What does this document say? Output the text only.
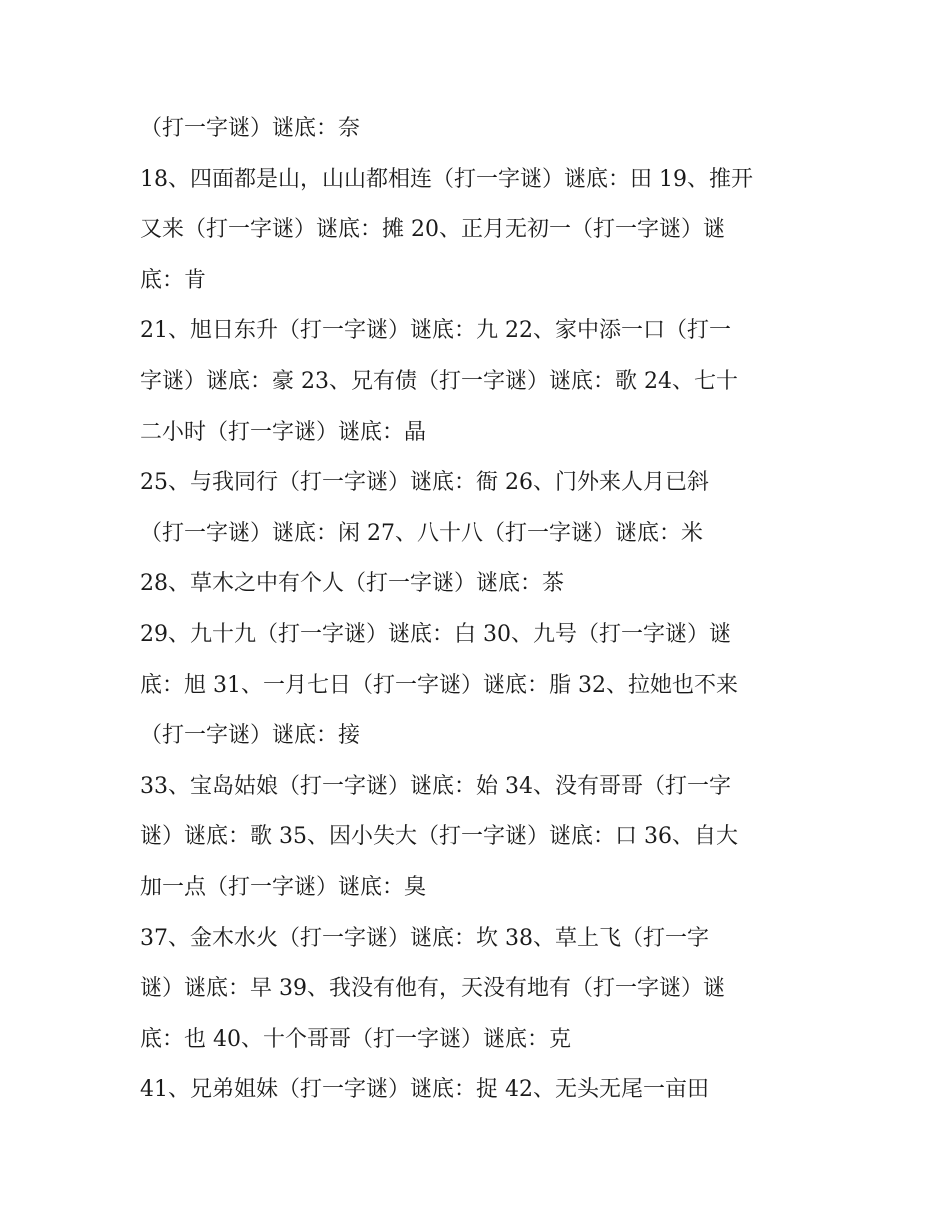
（打一字谜）谜底：奈
18、四面都是山，山山都相连（打一字谜）谜底：田 19、推开
又来（打一字谜）谜底：摊 20、正月无初一（打一字谜）谜
底：肯
21、旭日东升（打一字谜）谜底：九 22、家中添一口（打一
字谜）谜底：豪 23、兄有债（打一字谜）谜底：歌 24、七十
二小时（打一字谜）谜底：晶
25、与我同行（打一字谜）谜底：衙 26、门外来人月已斜
（打一字谜）谜底：闲 27、八十八（打一字谜）谜底：米
28、草木之中有个人（打一字谜）谜底：茶
29、九十九（打一字谜）谜底：白 30、九号（打一字谜）谜
底：旭 31、一月七日（打一字谜）谜底：脂 32、拉她也不来
（打一字谜）谜底：接
33、宝岛姑娘（打一字谜）谜底：始 34、没有哥哥（打一字
谜）谜底：歌 35、因小失大（打一字谜）谜底：口 36、自大
加一点（打一字谜）谜底：臭
37、金木水火（打一字谜）谜底：坎 38、草上飞（打一字
谜）谜底：早 39、我没有他有，天没有地有（打一字谜）谜
底：也 40、十个哥哥（打一字谜）谜底：克
41、兄弟姐妹（打一字谜）谜底：捉 42、无头无尾一亩田
